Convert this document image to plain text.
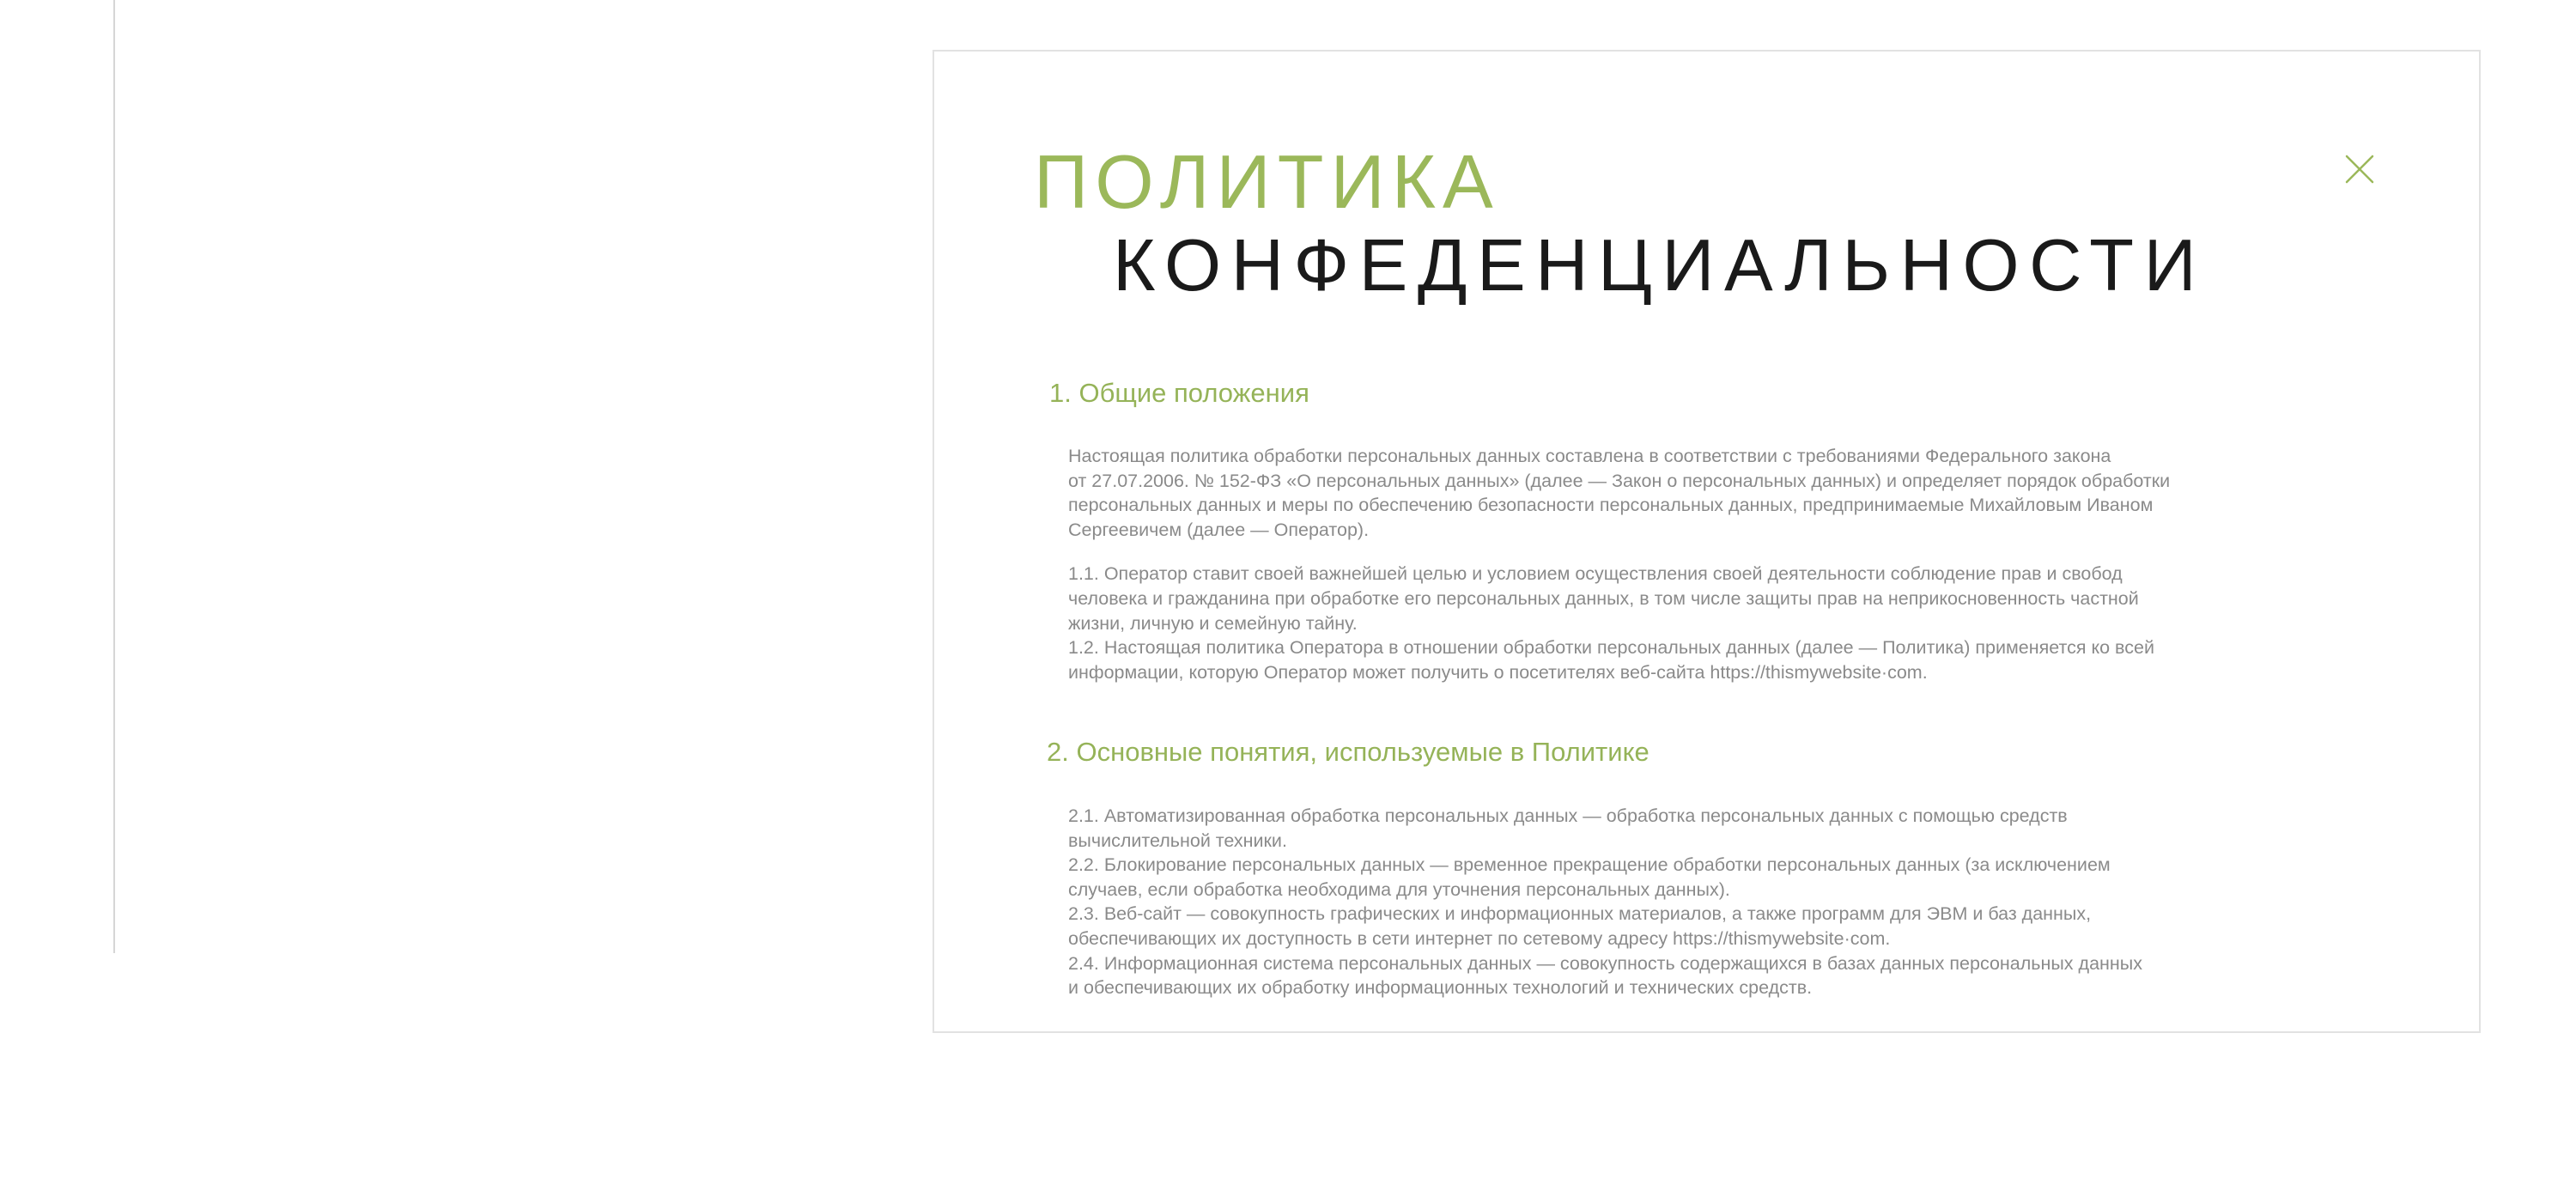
ПОЛИТИКА
КОНФЕДЕНЦИАЛЬНОСТИ
1. Общие положения

Настоящая политика обработки персональных данных составлена в соответствии с требованиями Федерального закона

от 27.07.2006. № 152-ФЗ «О персональных данных» (далее — Закон о персональных данных) и определяет порядок обработки

персональных данных и меры по обеспечению безопасности персональных данных, предпринимаемые Михайловым Иваном

Сергеевичем (далее — Оператор).

1.1. Оператор ставит своей важнейшей целью и условием осуществления своей деятельности соблюдение прав и свобод

человека и гражданина при обработке его персональных данных, в том числе защиты прав на неприкосновенность частной

жизни, личную и семейную тайну.

1.2. Настоящая политика Оператора в отношении обработки персональных данных (далее — Политика) применяется ко всей

информации, которую Оператор может получить о посетителях веб-сайта https://thismywebsite·com.

2. Основные понятия, используемые в Политике

2.1. Автоматизированная обработка персональных данных — обработка персональных данных с помощью средств

вычислительной техники.

2.2. Блокирование персональных данных — временное прекращение обработки персональных данных (за исключением

случаев, если обработка необходима для уточнения персональных данных).

2.3. Веб-сайт — совокупность графических и информационных материалов, а также программ для ЭВМ и баз данных,

обеспечивающих их доступность в сети интернет по сетевому адресу https://thismywebsite·com.

2.4. Информационная система персональных данных — совокупность содержащихся в базах данных персональных данных

и обеспечивающих их обработку информационных технологий и технических средств.
